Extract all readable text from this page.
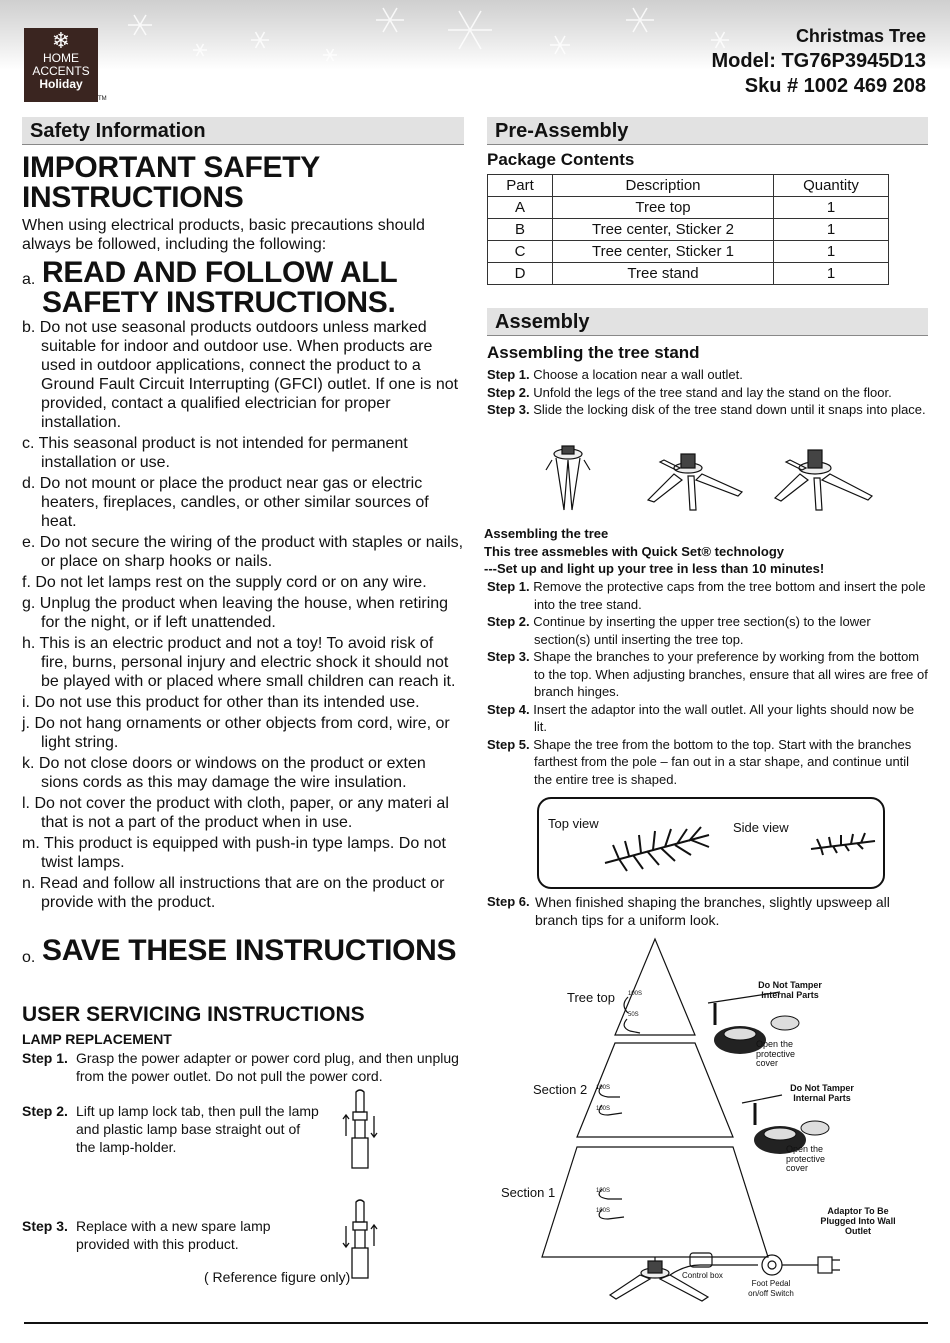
❄
HOME
ACCENTS
Holiday
TM
Christmas Tree
Model: TG76P3945D13
Sku # 1002 469 208
Safety Information
IMPORTANT SAFETY INSTRUCTIONS
When using electrical products, basic precautions should always be followed, including the following:
a. READ AND FOLLOW ALL SAFETY INSTRUCTIONS.
b. Do not use seasonal products outdoors unless marked suitable for indoor and outdoor use. When products are used in outdoor applications, connect the product to a Ground Fault Circuit Interrupting (GFCI) outlet. If one is not provided, contact a qualified electrician for proper installation.
c. This seasonal product is not intended for permanent installation or use.
d. Do not mount or place the product near gas or electric heaters, fireplaces, candles, or other similar sources of heat.
e. Do not secure the wiring of the product with staples or nails, or place on sharp hooks or nails.
f. Do not let lamps rest on the supply cord or on any wire.
g. Unplug the product when leaving the house, when retiring for the night, or if left unattended.
h. This is an electric product and not a toy! To avoid risk of fire, burns, personal injury and electric shock it should not be played with or placed where small children can reach it.
i. Do not use this product for other than its intended use.
j. Do not hang ornaments or other objects from cord, wire, or light string.
k. Do not close doors or windows on the product or exten sions cords as this may damage the wire insulation.
l. Do not cover the product with cloth, paper, or any materi al that is not a part of the product when in use.
m. This product is equipped with push-in type lamps. Do not twist lamps.
n. Read and follow all instructions that are on the product or provide with the product.
o. SAVE THESE INSTRUCTIONS
USER SERVICING INSTRUCTIONS
LAMP REPLACEMENT
Step 1. Grasp the power adapter or power cord plug, and then unplug from the power outlet. Do not pull the power cord.
Step 2. Lift up lamp lock tab, then pull the lamp and plastic lamp base straight out of the lamp-holder.
Step 3. Replace with a new spare lamp provided with this product.
( Reference figure only)
Pre-Assembly
Package Contents
Part	Description	Quantity
A	Tree top	1
B	Tree center, Sticker 2	1
C	Tree center, Sticker 1	1
D	Tree stand	1
Assembly
Assembling the tree stand
Step 1. Choose a location near a wall outlet.
Step 2. Unfold the legs of the tree stand and lay the stand on the floor.
Step 3. Slide the locking disk of the tree stand down until it snaps into place.
Assembling the tree
This tree assmebles with Quick Set® technology
---Set up and light up your tree in less than 10 minutes!
Step 1. Remove the protective caps from the tree bottom and insert the pole into the tree stand.
Step 2. Continue by inserting the upper tree section(s) to the lower section(s) until inserting the tree top.
Step 3. Shape the branches to your preference by working from the bottom to the top. When adjusting branches, ensure that all wires are free of branch hinges.
Step 4. Insert the adaptor into the wall outlet. All your lights should now be lit.
Step 5. Shape the tree from the bottom to the top. Start with the branches farthest from the pole – fan out in a star shape, and continue until the entire tree is shaped.
Top view	Side view
Step 6. When finished shaping the branches, slightly upsweep all branch tips for a uniform look.
Tree top
Section 2
Section 1
100S
50S
100S
100S
100S
100S
Do Not Tamper Internal Parts
Open the protective cover
Do Not Tamper Internal Parts
Open the protective cover
Adaptor To Be Plugged Into Wall Outlet
Control box
Foot Pedal on/off Switch
